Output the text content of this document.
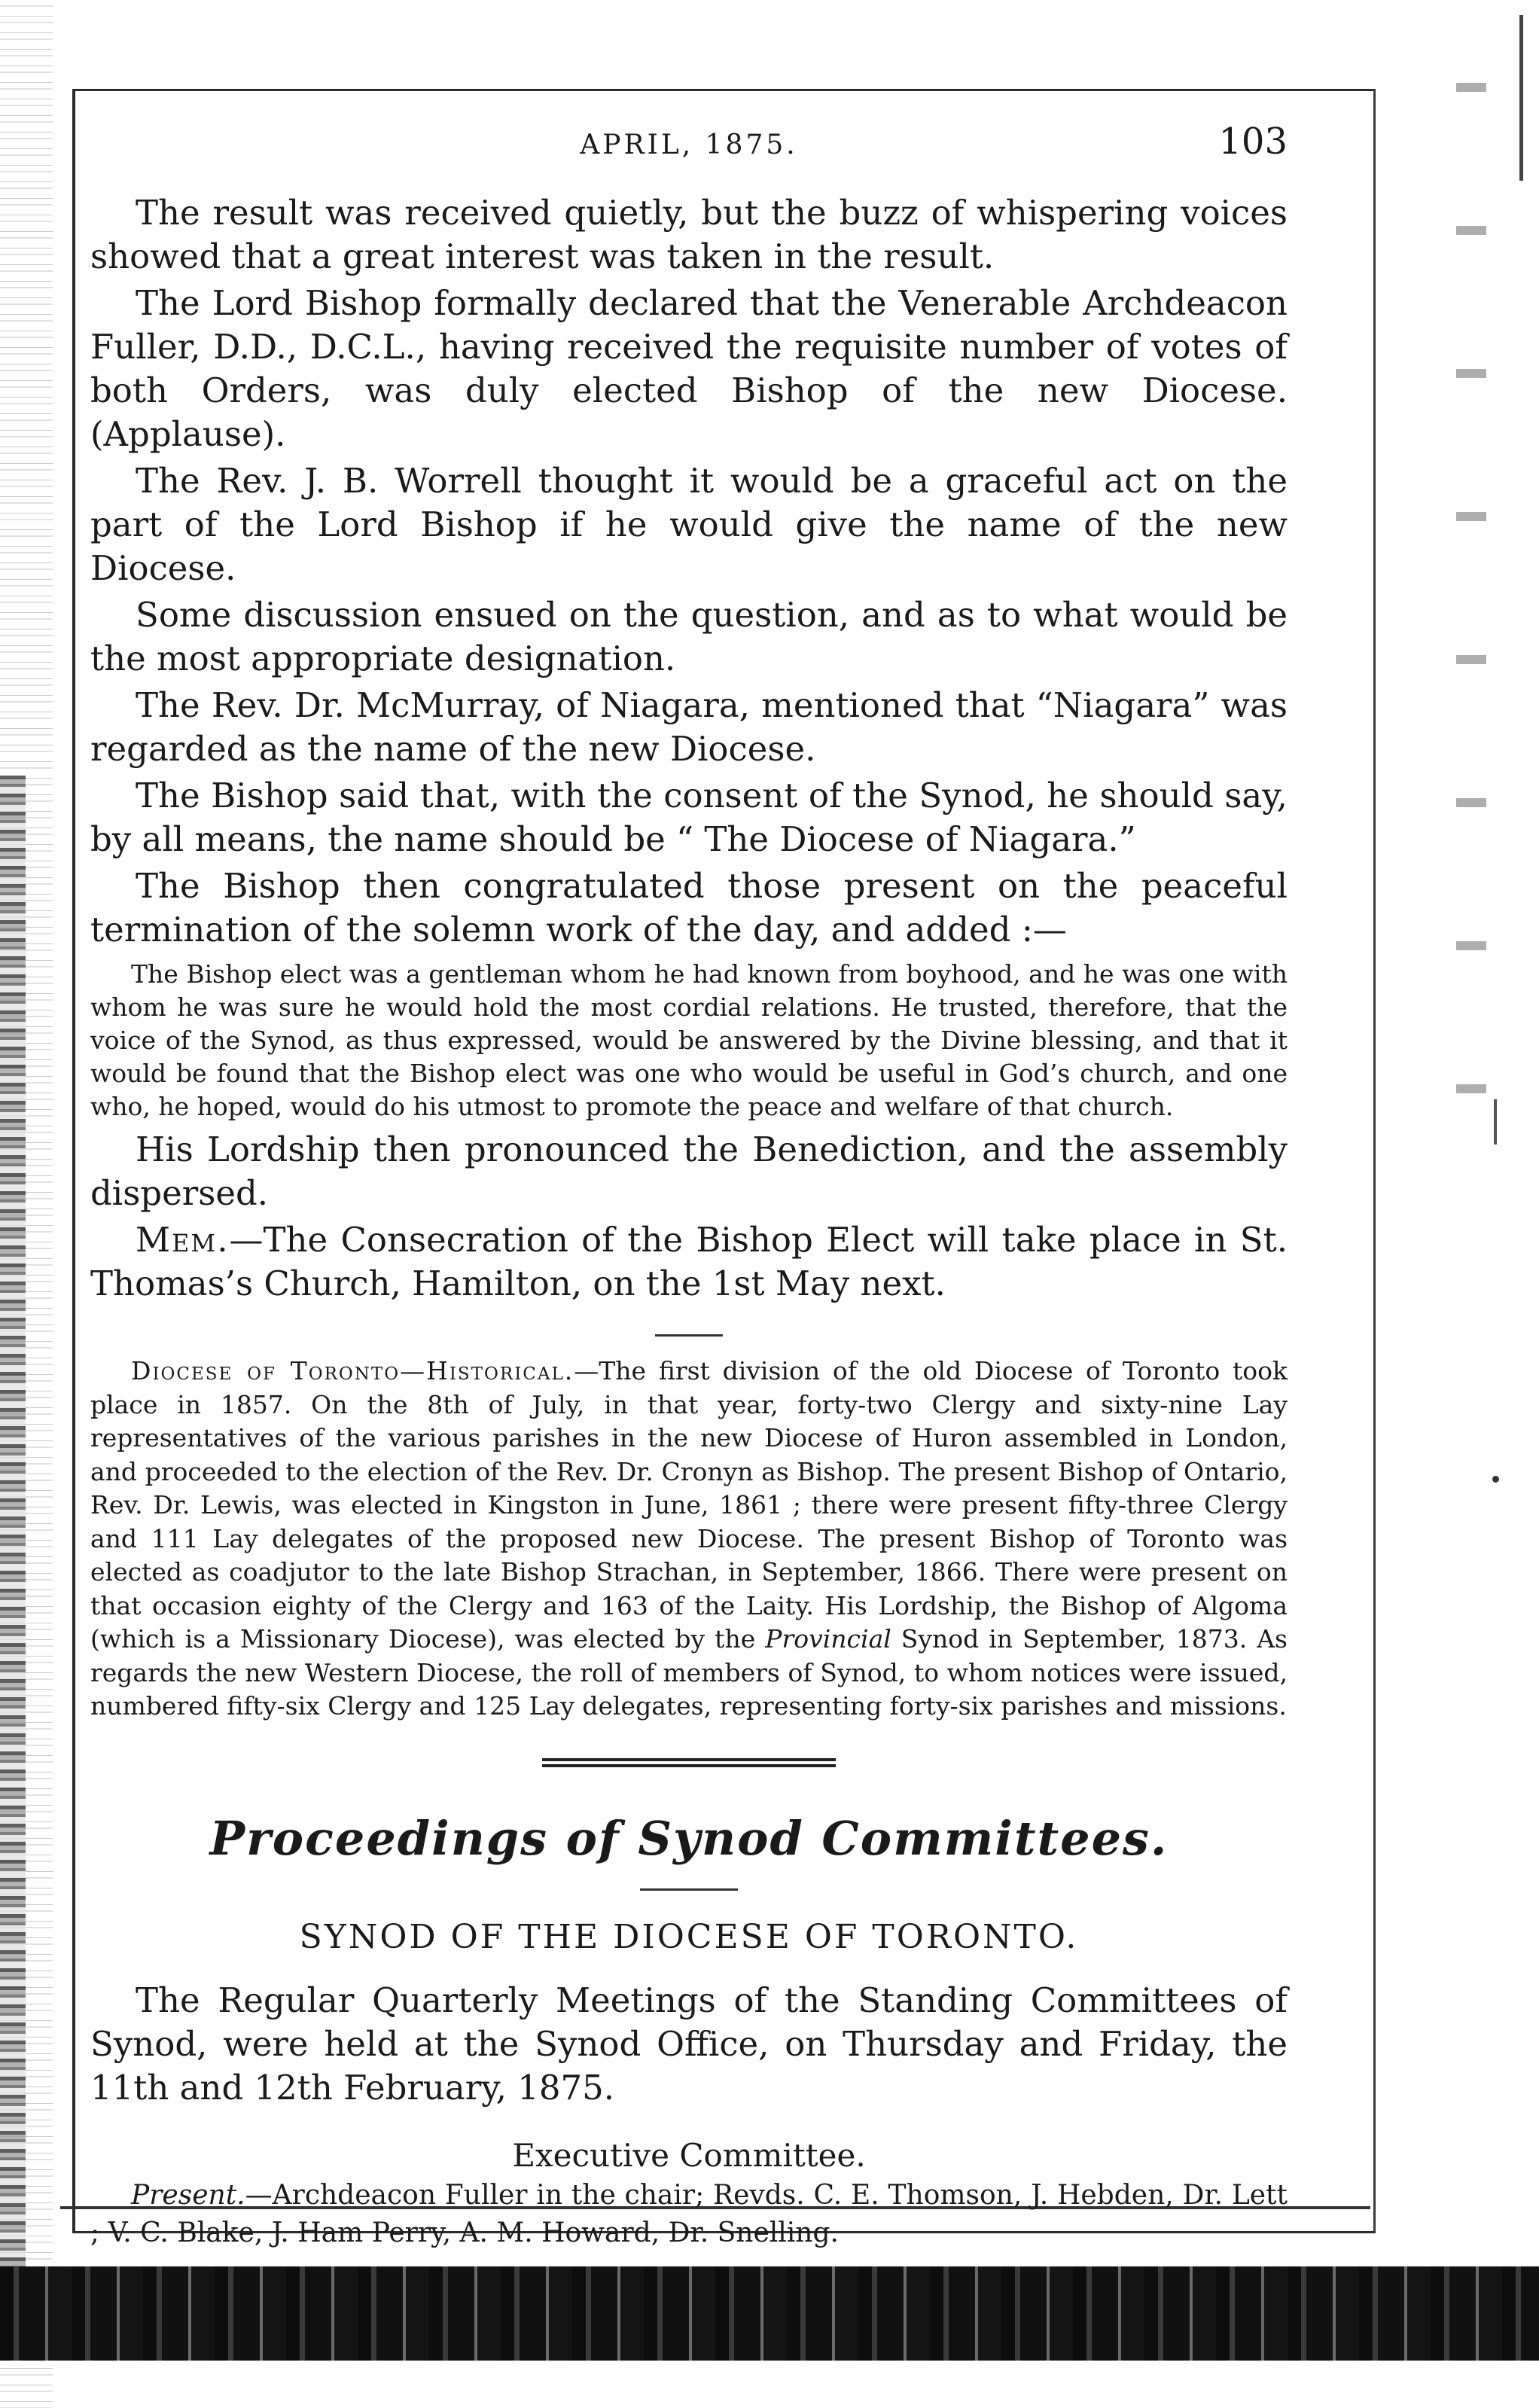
APRIL, 1875.	103

The result was received quietly, but the buzz of whispering voices showed that a great interest was taken in the result.

The Lord Bishop formally declared that the Venerable Archdeacon Fuller, D.D., D.C.L., having received the requisite number of votes of both Orders, was duly elected Bishop of the new Diocese. (Applause).

The Rev. J. B. Worrell thought it would be a graceful act on the part of the Lord Bishop if he would give the name of the new Diocese.

Some discussion ensued on the question, and as to what would be the most appropriate designation.

The Rev. Dr. McMurray, of Niagara, mentioned that “Niagara” was regarded as the name of the new Diocese.

The Bishop said that, with the consent of the Synod, he should say, by all means, the name should be “ The Diocese of Niagara.”

The Bishop then congratulated those present on the peaceful termination of the solemn work of the day, and added :—

The Bishop elect was a gentleman whom he had known from boyhood, and he was one with whom he was sure he would hold the most cordial relations. He trusted, therefore, that the voice of the Synod, as thus expressed, would be answered by the Divine blessing, and that it would be found that the Bishop elect was one who would be useful in God’s church, and one who, he hoped, would do his utmost to promote the peace and welfare of that church.

His Lordship then pronounced the Benediction, and the assembly dispersed.

Mem.—The Consecration of the Bishop Elect will take place in St. Thomas’s Church, Hamilton, on the 1st May next.

Diocese of Toronto—Historical.—The first division of the old Diocese of Toronto took place in 1857. On the 8th of July, in that year, forty-two Clergy and sixty-nine Lay representatives of the various parishes in the new Diocese of Huron assembled in London, and proceeded to the election of the Rev. Dr. Cronyn as Bishop. The present Bishop of Ontario, Rev. Dr. Lewis, was elected in Kingston in June, 1861 ; there were present fifty-three Clergy and 111 Lay delegates of the proposed new Diocese. The present Bishop of Toronto was elected as coadjutor to the late Bishop Strachan, in September, 1866. There were present on that occasion eighty of the Clergy and 163 of the Laity. His Lordship, the Bishop of Algoma (which is a Missionary Diocese), was elected by the Provincial Synod in September, 1873. As regards the new Western Diocese, the roll of members of Synod, to whom notices were issued, numbered fifty-six Clergy and 125 Lay delegates, representing forty-six parishes and missions.

Proceedings of Synod Committees.
SYNOD OF THE DIOCESE OF TORONTO.

The Regular Quarterly Meetings of the Standing Committees of Synod, were held at the Synod Office, on Thursday and Friday, the 11th and 12th February, 1875.

Executive Committee.

Present.—Archdeacon Fuller in the chair; Revds. C. E. Thomson, J. Hebden, Dr. Lett ; V. C. Blake, J. Ham Perry, A. M. Howard, Dr. Snelling.
